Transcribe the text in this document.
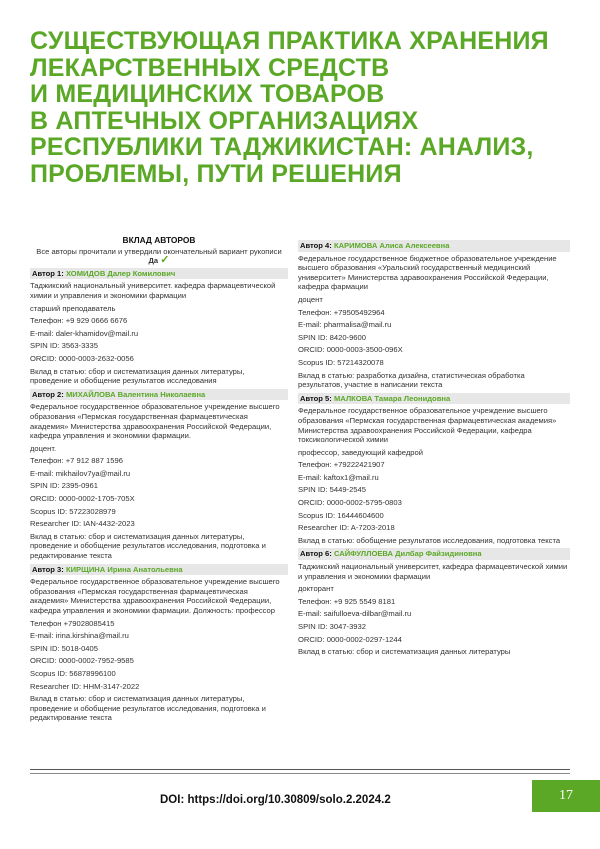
СУЩЕСТВУЮЩАЯ ПРАКТИКА ХРАНЕНИЯ
ЛЕКАРСТВЕННЫХ СРЕДСТВ
И МЕДИЦИНСКИХ ТОВАРОВ
В АПТЕЧНЫХ ОРГАНИЗАЦИЯХ
РЕСПУБЛИКИ ТАДЖИКИСТАН: АНАЛИЗ,
ПРОБЛЕМЫ, ПУТИ РЕШЕНИЯ
ВКЛАД АВТОРОВ
Все авторы прочитали и утвердили окончательный вариант рукописи
Да ✓
Автор 1: ХОМИДОВ Далер Комилович

Таджикский национальный университет. кафедра фармацевтической химии и управления и экономики фармации

старший преподаватель

Телефон: +9 929 0666 6676

E-mail: daler-khamidov@mail.ru

SPIN ID: 3563-3335

ORCID: 0000-0003-2632-0056

Вклад в статью: сбор и систематизация данных литературы, проведение и обобщение результатов исследования

Автор 2: МИХАЙЛОВА Валентина Николаевна

Федеральное государственное образовательное учреждение высшего образования «Пермская государственная фармацевтическая академия» Министерства здравоохранения Российской Федерации, кафедра управления и экономики фармации.

доцент.

Телефон: +7 912 887 1596

E-mail: mikhailov7ya@mail.ru

SPIN ID: 2395-0961

ORCID: 0000-0002-1705-705X

Scopus ID: 57223028979

Researcher ID: IAN-4432-2023

Вклад в статью: сбор и систематизация данных литературы, проведение и обобщение результатов исследования, подготовка и редактирование текста

Автор 3: КИРЩИНА Ирина Анатольевна

Федеральное государственное образовательное учреждение высшего образования «Пермская государственная фармацевтическая академия» Министерства здравоохранения Российской Федерации, кафедра управления и экономики фармации. Должность: профессор

Телефон +79028085415

E-mail: irina.kirshina@mail.ru

SPIN ID: 5018-0405

ORCID: 0000-0002-7952-9585

Scopus ID: 56878996100

Researcher ID: HHM-3147-2022

Вклад в статью: сбор и систематизация данных литературы, проведение и обобщение результатов исследования, подготовка и редактирование текста

Автор 4: КАРИМОВА Алиса Алексеевна

Федеральное государственное бюджетное образовательное учреждение высшего образования «Уральский государственный медицинский университет» Министерства здравоохранения Российской Федерации, кафедра фармации

доцент

Телефон: +79505492964

E-mail: pharmalisa@mail.ru

SPIN ID: 8420-9600

ORCID: 0000-0003-3500-096X

Scopus ID: 57214320078

Вклад в статью: разработка дизайна, статистическая обработка результатов, участие в написании текста

Автор 5: МАЛКОВА Тамара Леонидовна

Федеральное государственное образовательное учреждение высшего образования «Пермская государственная фармацевтическая академия» Министерства здравоохранения Российской Федерации, кафедра токсикологической химии

профессор, заведующий кафедрой

Телефон: +79222421907

E-mail: kaftox1@mail.ru

SPIN ID: 5449-2545

ORCID: 0000-0002-5795-0803

Scopus ID: 16444604600

Researcher ID: A-7203-2018

Вклад в статью: обобщение результатов исследования, подготовка текста

Автор 6: САЙФУЛЛОЕВА Дилбар Файзидиновна

Таджикский национальный университет, кафедра фармацевтической химии и управления и экономики фармации

докторант

Телефон: +9 925 5549 8181

E-mail: saifulloeva-dilbar@mail.ru

SPIN ID: 3047-3932

ORCID: 0000-0002-0297-1244

Вклад в статью: сбор и систематизация данных литературы

DOI: https://doi.org/10.30809/solo.2.2024.2	17
